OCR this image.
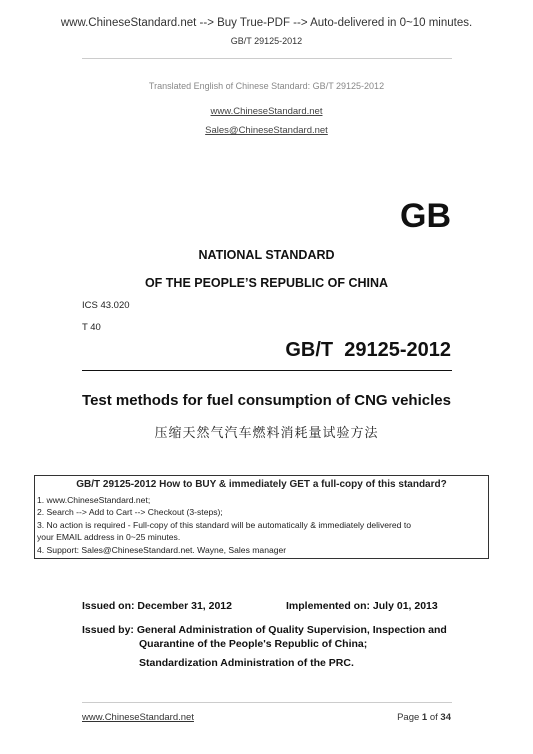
www.ChineseStandard.net --> Buy True-PDF --> Auto-delivered in 0~10 minutes.
GB/T 29125-2012
Translated English of Chinese Standard: GB/T 29125-2012
www.ChineseStandard.net
Sales@ChineseStandard.net
GB
NATIONAL STANDARD
OF THE PEOPLE’S REPUBLIC OF CHINA
ICS 43.020
T 40
GB/T  29125-2012
Test methods for fuel consumption of CNG vehicles
压缩天然气汽车燃料消耗量试验方法
GB/T 29125-2012 How to BUY & immediately GET a full-copy of this standard?
1. www.ChineseStandard.net;
2. Search --> Add to Cart --> Checkout (3-steps);
3. No action is required - Full-copy of this standard will be automatically & immediately delivered to
your EMAIL address in 0~25 minutes.
4. Support: Sales@ChineseStandard.net. Wayne, Sales manager
Issued on: December 31, 2012	Implemented on: July 01, 2013
Issued by: General Administration of Quality Supervision, Inspection and
Quarantine of the People's Republic of China;
Standardization Administration of the PRC.
www.ChineseStandard.net	Page 1 of 34
